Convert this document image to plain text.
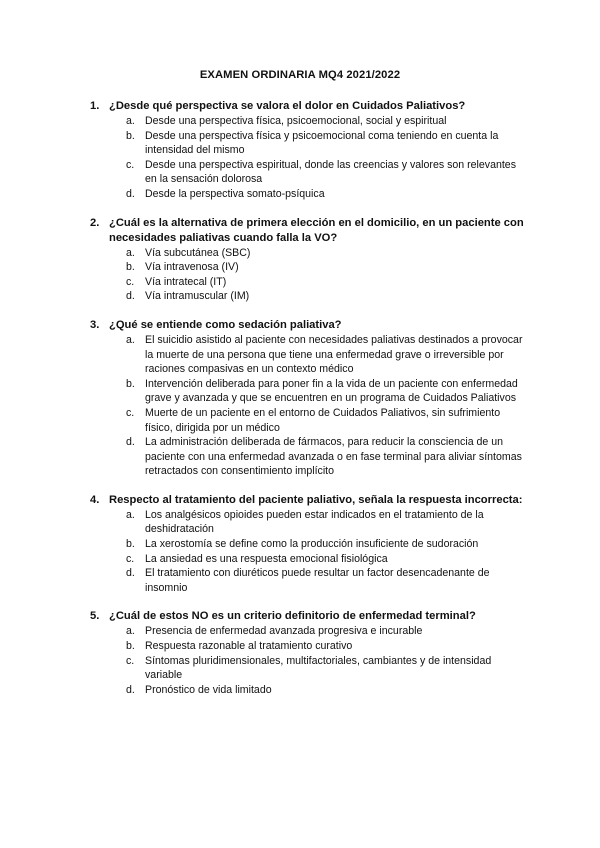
EXAMEN ORDINARIA MQ4 2021/2022
1. ¿Desde qué perspectiva se valora el dolor en Cuidados Paliativos?
a. Desde una perspectiva física, psicoemocional, social y espiritual
b. Desde una perspectiva física y psicoemocional coma teniendo en cuenta la intensidad del mismo
c. Desde una perspectiva espiritual, donde las creencias y valores son relevantes en la sensación dolorosa
d. Desde la perspectiva somato-psíquica
2. ¿Cuál es la alternativa de primera elección en el domicilio, en un paciente con necesidades paliativas cuando falla la VO?
a. Vía subcutánea (SBC)
b. Vía intravenosa (IV)
c. Vía intratecal (IT)
d. Vía intramuscular (IM)
3. ¿Qué se entiende como sedación paliativa?
a. El suicidio asistido al paciente con necesidades paliativas destinados a provocar la muerte de una persona que tiene una enfermedad grave o irreversible por raciones compasivas en un contexto médico
b. Intervención deliberada para poner fin a la vida de un paciente con enfermedad grave y avanzada y que se encuentren en un programa de Cuidados Paliativos
c. Muerte de un paciente en el entorno de Cuidados Paliativos, sin sufrimiento físico, dirigida por un médico
d. La administración deliberada de fármacos, para reducir la consciencia de un paciente con una enfermedad avanzada o en fase terminal para aliviar síntomas retractados con consentimiento implícito
4. Respecto al tratamiento del paciente paliativo, señala la respuesta incorrecta:
a. Los analgésicos opioides pueden estar indicados en el tratamiento de la deshidratación
b. La xerostomía se define como la producción insuficiente de sudoración
c. La ansiedad es una respuesta emocional fisiológica
d. El tratamiento con diuréticos puede resultar un factor desencadenante de insomnio
5. ¿Cuál de estos NO es un criterio definitorio de enfermedad terminal?
a. Presencia de enfermedad avanzada progresiva e incurable
b. Respuesta razonable al tratamiento curativo
c. Síntomas pluridimensionales, multifactoriales, cambiantes y de intensidad variable
d. Pronóstico de vida limitado
